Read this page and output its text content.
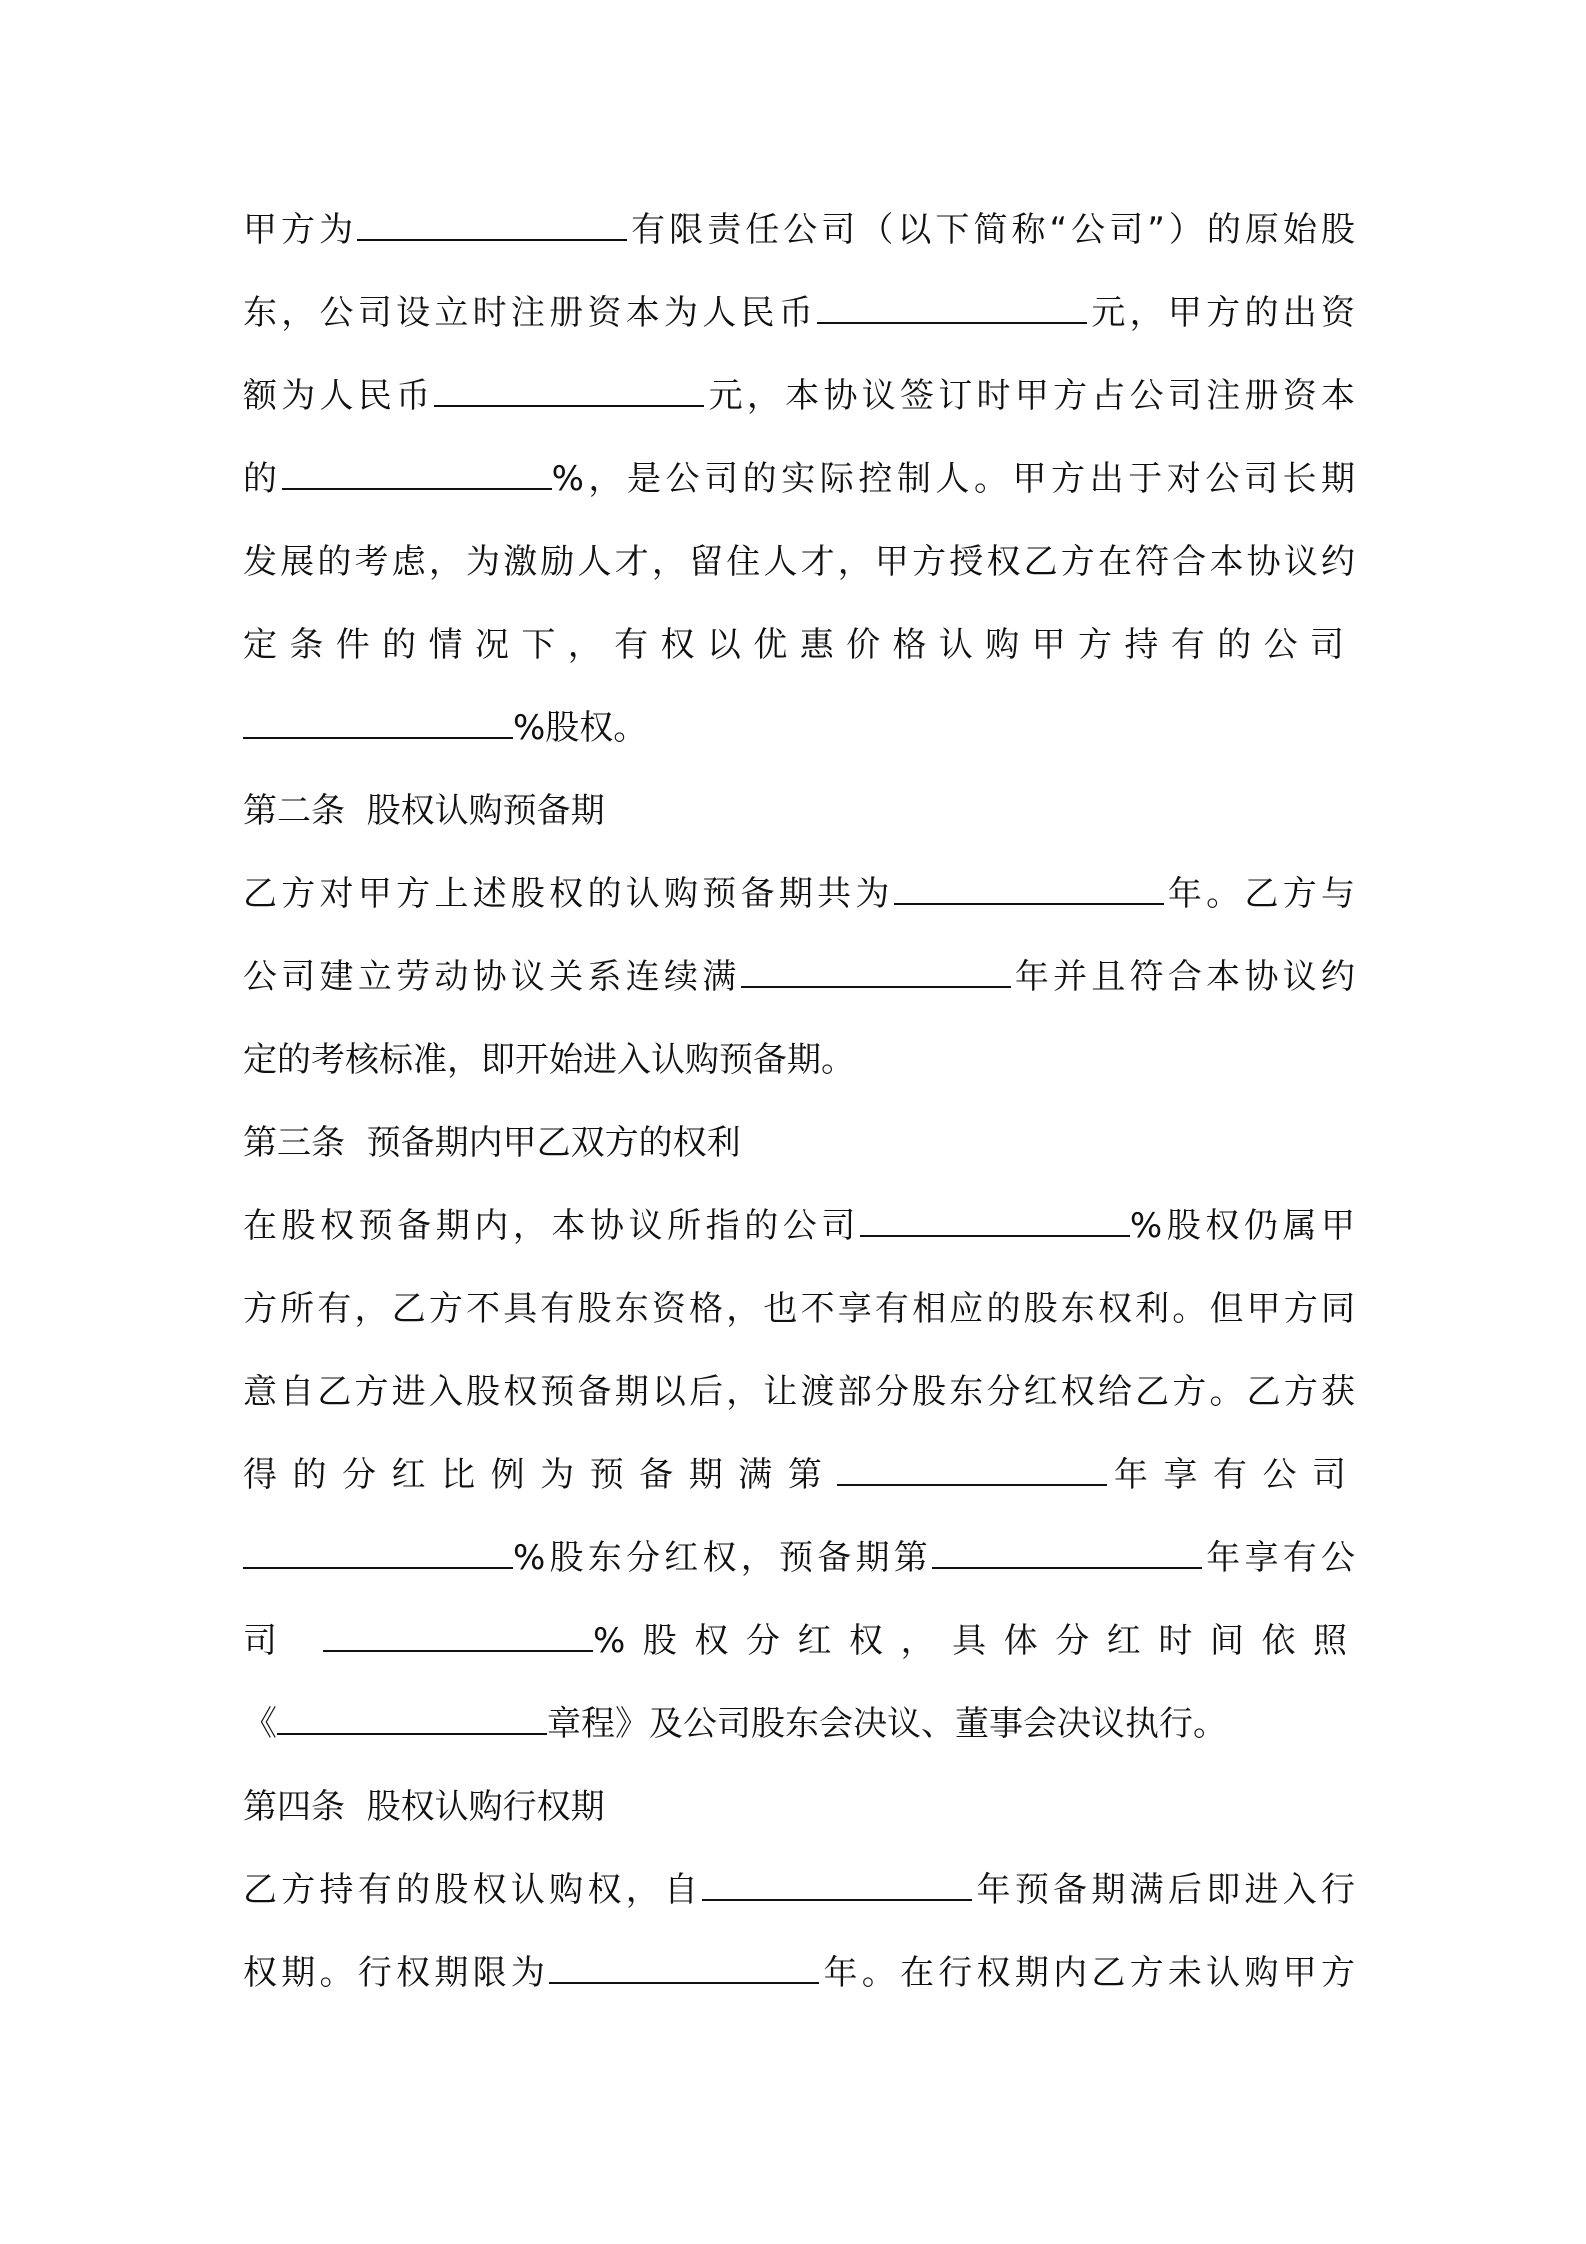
甲方为	有限责任公司（以下简称“公司”）的原始股
东，公司设立时注册资本为人民币	元，甲方的出资
额为人民币	元，本协议签订时甲方占公司注册资本
的	%，是公司的实际控制人。甲方出于对公司长期
发展的考虑，为激励人才，留住人才，甲方授权乙方在符合本协议约
定条件的情况下，有权以优惠价格认购甲方持有的公司
%股权。
第二条  股权认购预备期
乙方对甲方上述股权的认购预备期共为	年。乙方与
公司建立劳动协议关系连续满	年并且符合本协议约
定的考核标准，即开始进入认购预备期。
第三条  预备期内甲乙双方的权利
在股权预备期内，本协议所指的公司	%股权仍属甲
方所有，乙方不具有股东资格，也不享有相应的股东权利。但甲方同
意自乙方进入股权预备期以后，让渡部分股东分红权给乙方。乙方获
得的分红比例为预备期满第	年享有公司
%股东分红权，预备期第	年享有公
司	%股权分红权，具体分红时间依照
《	章程》及公司股东会决议、董事会决议执行。
第四条  股权认购行权期
乙方持有的股权认购权，自	年预备期满后即进入行
权期。行权期限为	年。在行权期内乙方未认购甲方
